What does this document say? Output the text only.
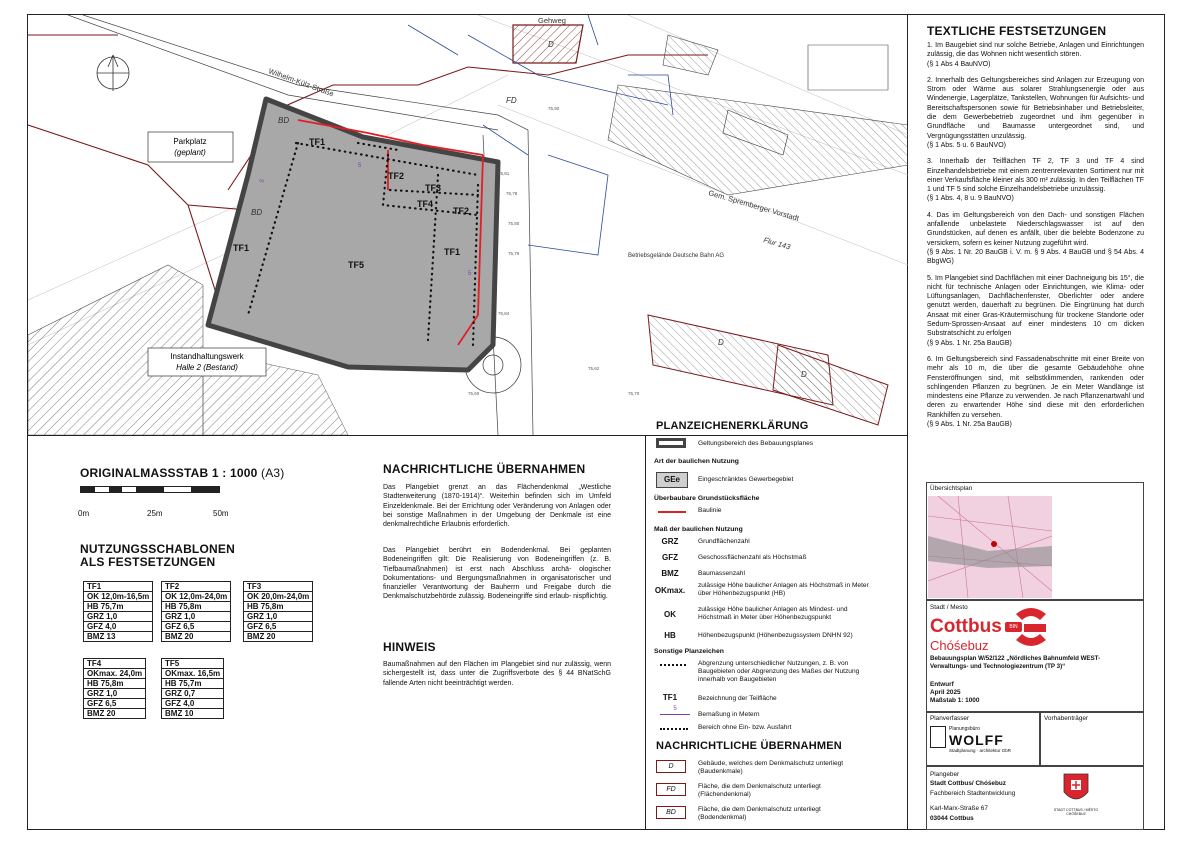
5
5
5
TF1
TF2
TF3
TF4
TF2
TF1
TF5
TF1
BD
BD
D
FD
D
D
Wilhelm-Külz-Straße
Gehweg
Gem. Spremberger Vorstadt
Flur 143
Betriebsgelände Deutsche Bahn AG
Parkplatz
(geplant)
Instandhaltungswerk
Halle 2 (Bestand)
75,81
75,78
75,80
75,79
75,84
75,60
75,62
75,90
75,70
ORIGINALMASSSTAB 1 : 1000 (A3)
0m	25m	50m
NUTZUNGSSCHABLONEN
ALS FESTSETZUNGEN
TF1
OK 12,0m-16,5m
HB 75,7m
GRZ 1,0
GFZ 4,0
BMZ 13
TF2
OK 12,0m-24,0m
HB 75,8m
GRZ 1,0
GFZ 6,5
BMZ 20
TF3
OK 20,0m-24,0m
HB 75,8m
GRZ 1,0
GFZ 6,5
BMZ 20
TF4
OKmax. 24,0m
HB 75,8m
GRZ 1,0
GFZ 6,5
BMZ 20
TF5
OKmax. 16,5m
HB 75,7m
GRZ 0,7
GFZ 4,0
BMZ 10
NACHRICHTLICHE ÜBERNAHMEN
Das Plangebiet grenzt an das Flächendenkmal „Westliche Stadterweiterung (1870-1914)“. Weiterhin befinden sich im Umfeld Einzeldenkmale. Bei der Errichtung oder Veränderung von Anlagen oder bei sonstige Maßnahmen in der Umgebung der Denkmale ist eine denkmalrechtliche Erlaubnis erforderlich.
Das Plangebiet berührt ein Bodendenkmal. Bei geplanten Bodeneingriffen gilt: Die Realisierung von Bodeneingriffen (z. B. Tiefbaumaßnahmen) ist erst nach Abschluss archä- ologischer Dokumentations- und Bergungsmaßnahmen in organisatorischer und finanzieller Verantwortung der Bauherrn und Freigabe durch die Denkmalschutzbehörde zulässig. Bodeneingriffe sind erlaub- nispflichtig.
HINWEIS
Baumaßnahmen auf den Flächen im Plangebiet sind nur zulässig, wenn sichergestellt ist, dass unter die Zugriffsverbote des § 44 BNatSchG fallende Arten nicht beeinträchtigt werden.
PLANZEICHENERKLÄRUNG
Geltungsbereich des Bebauungsplanes
Art der baulichen Nutzung
GEe	Eingeschränktes Gewerbegebiet
Überbaubare Grundstücksfläche
Baulinie
Maß der baulichen Nutzung
GRZ	Grundflächenzahl
GFZ	Geschossflächenzahl als Höchstmaß
BMZ	Baumassenzahl
OKmax.
zulässige Höhe baulicher Anlagen als Höchstmaß in Meter über Höhenbezugspunkt (HB)
OK
zulässige Höhe baulicher Anlagen als Mindest- und Höchstmaß in Meter über Höhenbezugspunkt
HB	Höhenbezugspunkt (Höhenbezugssystem DNHN 92)
Sonstige Planzeichen
Abgrenzung unterschiedlicher Nutzungen, z. B. von Baugebieten oder Abgrenzung des Maßes der Nutzung innerhalb von Baugebieten
TF1	Bezeichnung der Teilfläche
5
Bemaßung in Metern
Bereich ohne Ein- bzw. Ausfahrt
NACHRICHTLICHE ÜBERNAHMEN
D	Gebäude, welches dem Denkmalschutz unterliegt (Baudenkmale)
FD	Fläche, die dem Denkmalschutz unterliegt (Flächendenkmal)
BD	Fläche, die dem Denkmalschutz unterliegt (Bodendenkmal)
TEXTLICHE FESTSETZUNGEN
1. Im Baugebiet sind nur solche Betriebe, Anlagen und Einrichtungen zulässig, die das Wohnen nicht wesentlich stören.
(§ 1 Abs 4 BauNVO)
2. Innerhalb des Geltungsbereiches sind Anlagen zur Erzeugung von Strom oder Wärme aus solarer Strahlungsenergie oder aus Windenergie, Lagerplätze, Tankstellen, Wohnungen für Aufsichts- und Bereitschaftspersonen sowie für Betriebsinhaber und Betriebsleiter, die dem Gewerbebetrieb zugeordnet und ihm gegenüber in Grundfläche und Baumasse untergeordnet sind, und Vergnügungsstätten unzulässig.
(§ 1 Abs. 5 u. 6 BauNVO)
3. Innerhalb der Teilflächen TF 2, TF 3 und TF 4 sind Einzelhandelsbetriebe mit einem zentrenrelevanten Sortiment nur mit einer Verkaufsfläche kleiner als 300 m² zulässig. In den Teilflächen TF 1 und TF 5 sind solche Einzelhandelsbetriebe unzulässig.
(§ 1 Abs. 4, 8 u. 9 BauNVO)
4. Das im Geltungsbereich von den Dach- und sonstigen Flächen anfallende unbelastete Niederschlagswasser ist auf den Grundstücken, auf denen es anfällt, über die belebte Bodenzone zu versickern, sofern es keiner Nutzung zugeführt wird.
(§ 9 Abs. 1 Nr. 20 BauGB i. V. m. § 9 Abs. 4 BauGB und § 54 Abs. 4 BbgWG)
5. Im Plangebiet sind Dachflächen mit einer Dachneigung bis 15°, die nicht für technische Anlagen oder Einrichtungen, wie Klima- oder Lüftungsanlagen, Dachflächenfenster, Oberlichter oder andere genutzt werden, dauerhaft zu begrünen. Die Eingrünung hat durch Ansaat mit einer Gras-Kräutermischung für trockene Standorte oder Sedum-Sprossen-Ansaat auf einer mindestens 10 cm dicken Substratschicht zu erfolgen
(§ 9 Abs. 1 Nr. 25a BauGB)
6. Im Geltungsbereich sind Fassadenabschnitte mit einer Breite von mehr als 10 m, die über die gesamte Gebäudehöhe ohne Fensteröffnungen sind, mit selbstklimmenden, rankenden oder schlingenden Pflanzen zu begrünen. Je ein Meter Wandlänge ist mindestens eine Pflanze zu verwenden. Je nach Pflanzenartwahl und deren zu erwartender Höhe sind diese mit den erforderlichen Rankhilfen zu versehen.
(§ 9 Abs. 1 Nr. 25a BauGB)
Übersichtsplan
Stadt / Mesto
Cottbus
Chóśebuz
BIN
Bebauungsplan W/52/122 „Nördliches Bahnumfeld WEST- Verwaltungs- und Technologiezentrum (TP 3)“
Entwurf
April 2025
Maßstab 1: 1000
Planverfasser	Vorhabenträger
Planungsbüro
WOLFF
Stadtplanung · architektur GbR
Plangeber
Stadt Cottbus/ Chóśebuz
Fachbereich Stadtentwicklung
Karl-Marx-Straße 67
03044 Cottbus
STADT COTTBUS / MĚSTO CHÓŚEBUZ
